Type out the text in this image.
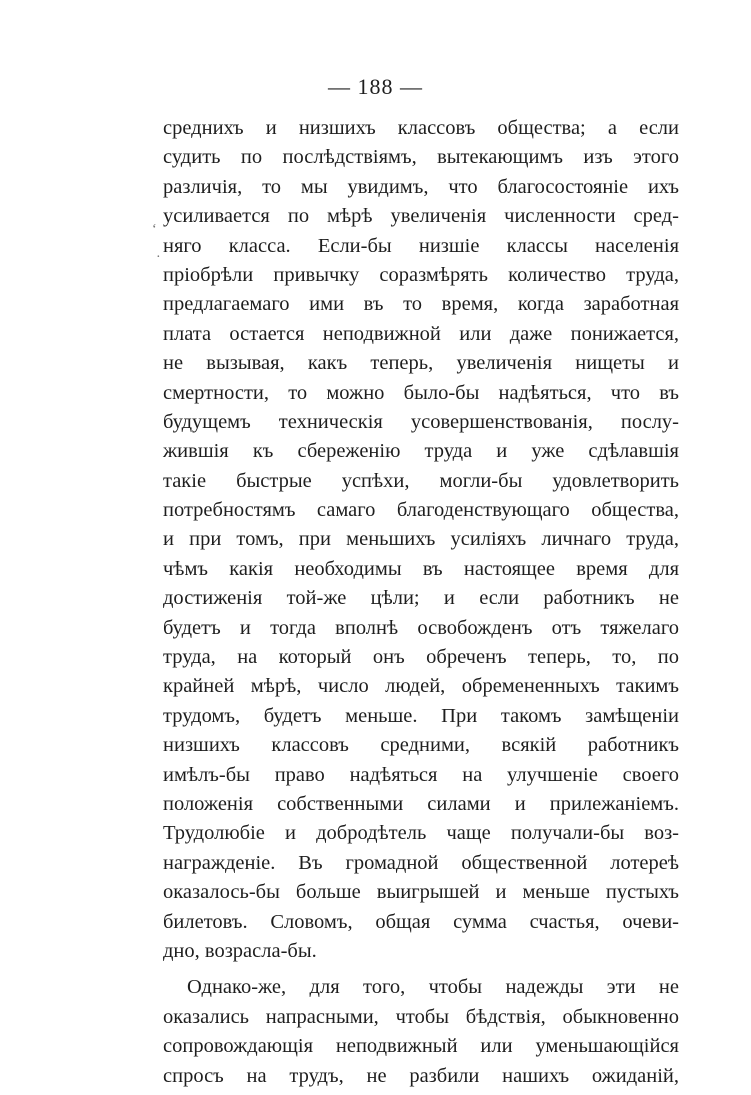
— 188 —
ʻ
·
среднихъ и низшихъ классовъ общества; а если
судить по послѣдствіямъ, вытекающимъ изъ этого
различія, то мы увидимъ, что благосостояніе ихъ
усиливается по мѣрѣ увеличенія численности сред-
няго класса. Если-бы низшіе классы населенія
пріобрѣли привычку соразмѣрять количество труда,
предлагаемаго ими въ то время, когда заработная
плата остается неподвижной или даже понижается,
не вызывая, какъ теперь, увеличенія нищеты и
смертности, то можно было-бы надѣяться, что въ
будущемъ техническія усовершенствованія, послу-
жившія къ сбереженію труда и уже сдѣлавшія
такіе быстрые успѣхи, могли-бы удовлетворить
потребностямъ самаго благоденствующаго общества,
и при томъ, при меньшихъ усиліяхъ личнаго труда,
чѣмъ какія необходимы въ настоящее время для
достиженія той-же цѣли; и если работникъ не
будетъ и тогда вполнѣ освобожденъ отъ тяжелаго
труда, на который онъ обреченъ теперь, то, по
крайней мѣрѣ, число людей, обремененныхъ такимъ
трудомъ, будетъ меньше. При такомъ замѣщеніи
низшихъ классовъ средними, всякій работникъ
имѣлъ-бы право надѣяться на улучшеніе своего
положенія собственными силами и прилежаніемъ.
Трудолюбіе и добродѣтель чаще получали-бы воз-
награжденіе. Въ громадной общественной лотереѣ
оказалось-бы больше выигрышей и меньше пустыхъ
билетовъ. Словомъ, общая сумма счастья, очеви-
дно, возрасла-бы.
Однако-же, для того, чтобы надежды эти не
оказались напрасными, чтобы бѣдствія, обыкновенно
сопровождающія неподвижный или уменьшающійся
спросъ на трудъ, не разбили нашихъ ожиданій,
